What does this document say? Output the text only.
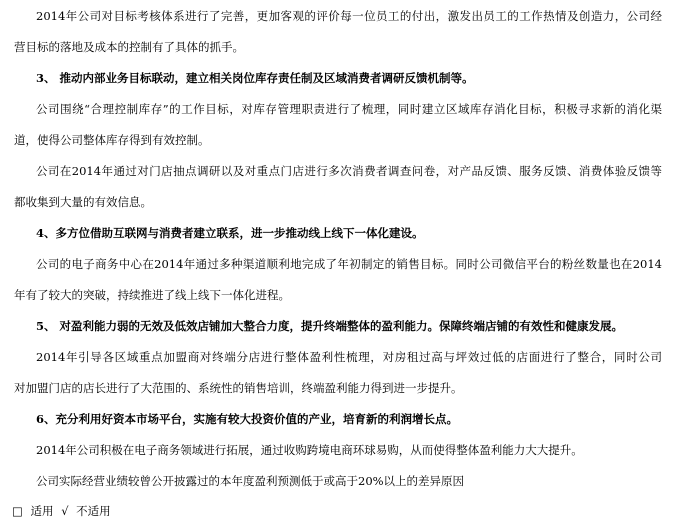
2014年公司对目标考核体系进行了完善，更加客观的评价每一位员工的付出，激发出员工的工作热情及创造力，公司经
营目标的落地及成本的控制有了具体的抓手。
3、 推动内部业务目标联动，建立相关岗位库存责任制及区域消费者调研反馈机制等。
公司围绕“合理控制库存”的工作目标，对库存管理职责进行了梳理，同时建立区域库存消化目标，积极寻求新的消化渠
道，使得公司整体库存得到有效控制。
公司在2014年通过对门店抽点调研以及对重点门店进行多次消费者调查问卷，对产品反馈、服务反馈、消费体验反馈等
都收集到大量的有效信息。
4、多方位借助互联网与消费者建立联系，进一步推动线上线下一体化建设。
公司的电子商务中心在2014年通过多种渠道顺利地完成了年初制定的销售目标。同时公司微信平台的粉丝数量也在2014
年有了较大的突破，持续推进了线上线下一体化进程。
5、 对盈利能力弱的无效及低效店铺加大整合力度，提升终端整体的盈利能力。保障终端店铺的有效性和健康发展。
2014年引导各区域重点加盟商对终端分店进行整体盈利性梳理，对房租过高与坪效过低的店面进行了整合，同时公司
对加盟门店的店长进行了大范围的、系统性的销售培训，终端盈利能力得到进一步提升。
6、充分利用好资本市场平台，实施有较大投资价值的产业，培育新的利润增长点。
2014年公司积极在电子商务领域进行拓展，通过收购跨境电商环球易购，从而使得整体盈利能力大大提升。
公司实际经营业绩较曾公开披露过的本年度盈利预测低于或高于20%以上的差异原因
□ 适用 √ 不适用
